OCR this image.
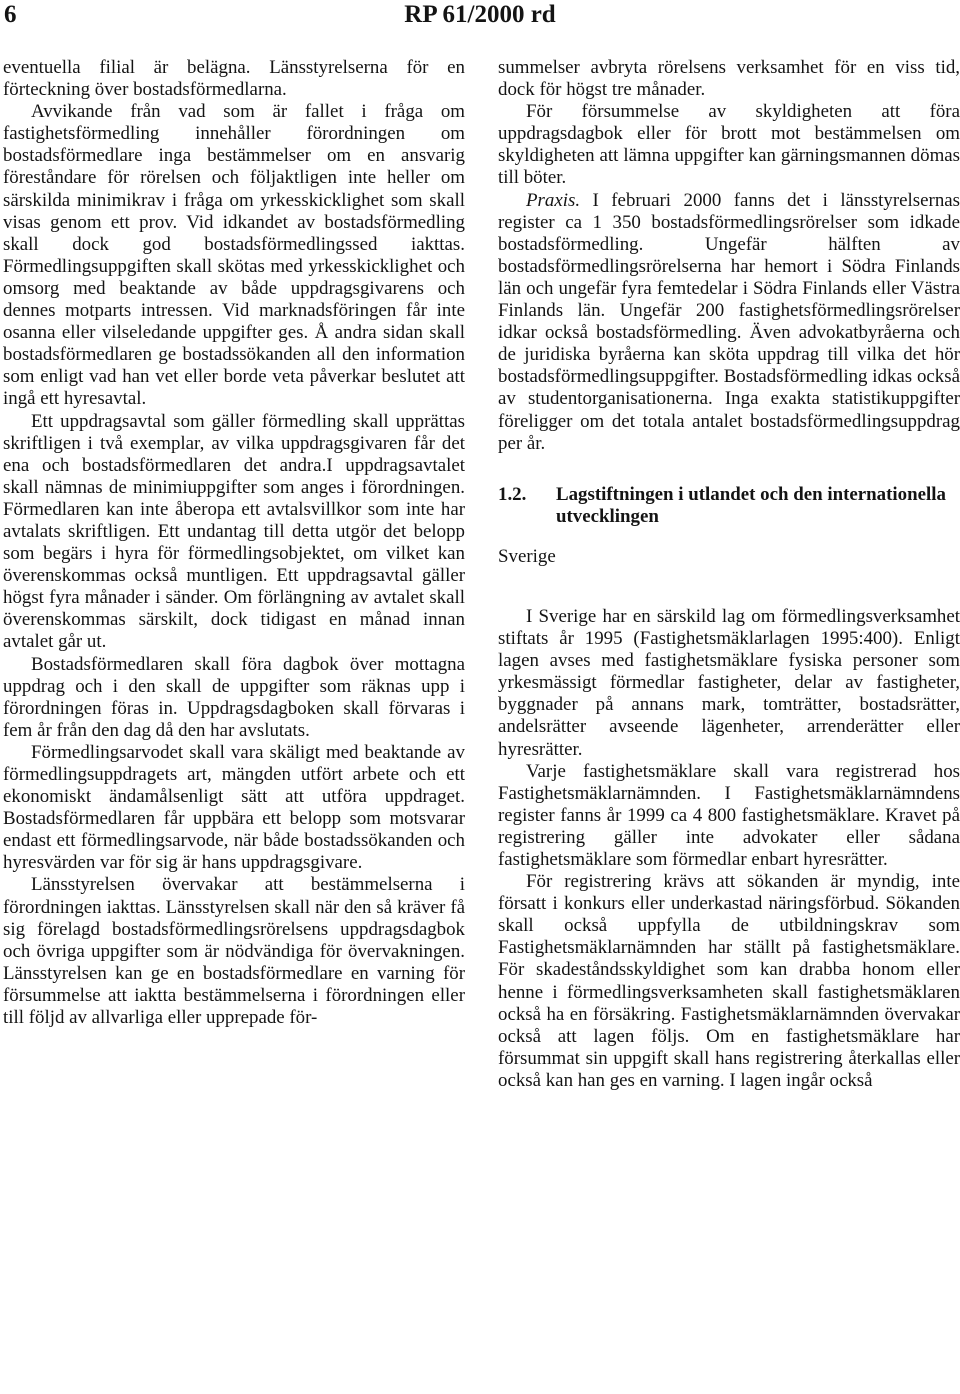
6	RP 61/2000 rd

eventuella filial är belägna. Länsstyrelserna för en förteckning över bostadsförmedlarna.

Avvikande från vad som är fallet i fråga om fastighetsförmedling innehåller förordningen om bostadsförmedlare inga bestämmelser om en ansvarig föreståndare för rörelsen och följaktligen inte heller om särskilda minimikrav i fråga om yrkesskicklighet som skall visas genom ett prov. Vid idkandet av bostadsförmedling skall dock god bostadsförmedlingssed iakttas. Förmedlingsuppgiften skall skötas med yrkesskicklighet och omsorg med beaktande av både uppdragsgivarens och dennes motparts intressen. Vid marknadsföringen får inte osanna eller vilseledande uppgifter ges. Å andra sidan skall bostadsförmedlaren ge bostadssökanden all den information som enligt vad han vet eller borde veta påverkar beslutet att ingå ett hyresavtal.

Ett uppdragsavtal som gäller förmedling skall upprättas skriftligen i två exemplar, av vilka uppdragsgivaren får det ena och bostadsförmedlaren det andra.I uppdragsavtalet skall nämnas de minimiuppgifter som anges i förordningen. Förmedlaren kan inte åberopa ett avtalsvillkor som inte har avtalats skriftligen. Ett undantag till detta utgör det belopp som begärs i hyra för förmedlingsobjektet, om vilket kan överenskommas också muntligen. Ett uppdragsavtal gäller högst fyra månader i sänder. Om förlängning av avtalet skall överenskommas särskilt, dock tidigast en månad innan avtalet går ut.

Bostadsförmedlaren skall föra dagbok över mottagna uppdrag och i den skall de uppgifter som räknas upp i förordningen föras in. Uppdragsdagboken skall förvaras i fem år från den dag då den har avslutats.

Förmedlingsarvodet skall vara skäligt med beaktande av förmedlingsuppdragets art, mängden utfört arbete och ett ekonomiskt ändamålsenligt sätt att utföra uppdraget. Bostadsförmedlaren får uppbära ett belopp som motsvarar endast ett förmedlingsarvode, när både bostadssökanden och hyresvärden var för sig är hans uppdragsgivare.

Länsstyrelsen övervakar att bestämmelserna i förordningen iakttas. Länsstyrelsen skall när den så kräver få sig förelagd bostadsförmedlingsrörelsens uppdragsdagbok och övriga uppgifter som är nödvändiga för övervakningen. Länsstyrelsen kan ge en bostadsförmedlare en varning för försummelse att iaktta bestämmelserna i förordningen eller till följd av allvarliga eller upprepade för-

summelser avbryta rörelsens verksamhet för en viss tid, dock för högst tre månader.

För försummelse av skyldigheten att föra uppdragsdagbok eller för brott mot bestämmelsen om skyldigheten att lämna uppgifter kan gärningsmannen dömas till böter.

Praxis. I februari 2000 fanns det i länsstyrelsernas register ca 1 350 bostadsförmedlingsrörelser som idkade bostadsförmedling. Ungefär hälften av bostadsförmedlingsrörelserna har hemort i Södra Finlands län och ungefär fyra femtedelar i Södra Finlands eller Västra Finlands län. Ungefär 200 fastighetsförmedlingsrörelser idkar också bostadsförmedling. Även advokatbyråerna och de juridiska byråerna kan sköta uppdrag till vilka det hör bostadsförmedlingsuppgifter. Bostadsförmedling idkas också av studentorganisationerna. Inga exakta statistikuppgifter föreligger om det totala antalet bostadsförmedlingsuppdrag per år.

1.2.	Lagstiftningen i utlandet och den internationella utvecklingen
Sverige

I Sverige har en särskild lag om förmedlingsverksamhet stiftats år 1995 (Fastighetsmäklarlagen 1995:400). Enligt lagen avses med fastighetsmäklare fysiska personer som yrkesmässigt förmedlar fastigheter, delar av fastigheter, byggnader på annans mark, tomträtter, bostadsrätter, andelsrätter avseende lägenheter, arrenderätter eller hyresrätter.

Varje fastighetsmäklare skall vara registrerad hos Fastighetsmäklarnämnden. I Fastighetsmäklarnämndens register fanns år 1999 ca 4 800 fastighetsmäklare. Kravet på registrering gäller inte advokater eller sådana fastighetsmäklare som förmedlar enbart hyresrätter.

För registrering krävs att sökanden är myndig, inte försatt i konkurs eller underkastad näringsförbud. Sökanden skall också uppfylla de utbildningskrav som Fastighetsmäklarnämnden har ställt på fastighetsmäklare. För skadeståndsskyldighet som kan drabba honom eller henne i förmedlingsverksamheten skall fastighetsmäklaren också ha en försäkring. Fastighetsmäklarnämnden övervakar också att lagen följs. Om en fastighetsmäklare har försummat sin uppgift skall hans registrering återkallas eller också kan han ges en varning. I lagen ingår också
